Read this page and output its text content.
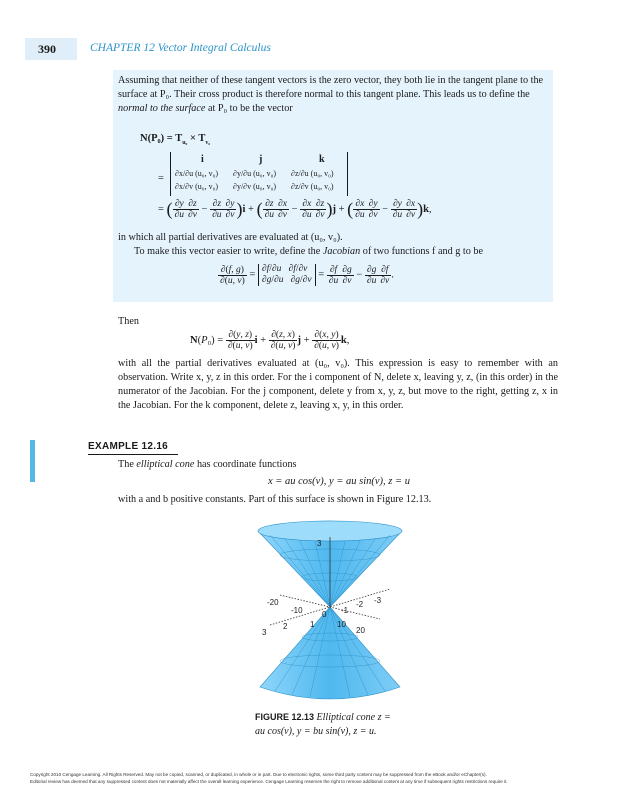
390	CHAPTER 12 Vector Integral Calculus
Assuming that neither of these tangent vectors is the zero vector, they both lie in the tangent plane to the surface at P₀. Their cross product is therefore normal to this tangent plane. This leads us to define the normal to the surface at P₀ to be the vector
$N(P_0) = T_{u_0} \times T_{v_0}$
=
i	j	k
∂x/∂u (u₀, v₀) ∂y/∂u (u₀, v₀) ∂z/∂u (u₀, v₀)
∂x/∂v (u₀, v₀) ∂y/∂v (u₀, v₀) ∂z/∂v (u₀, v₀)
= ( $\frac{\partial y}{\partial u} \frac{\partial z}{\partial v} - \frac{\partial z}{\partial u} \frac{\partial y}{\partial v} )i$ + ( $\frac{\partial z}{\partial u} \frac{\partial x}{\partial v} - \frac{\partial x}{\partial u} \frac{\partial z}{\partial v} )j$ + ( $\frac{\partial x}{\partial u} \frac{\partial y}{\partial v} - \frac{\partial y}{\partial u} \frac{\partial x}{\partial v} )k$,
in which all partial derivatives are evaluated at (u₀, v₀).
To make this vector easier to write, define the Jacobian of two functions f and g to be
$\frac{\partial(f, g)}{\partial(u, v)} = \partial f/\partial u$   ∂f/∂v
∂g/∂u   $\partial g/\partial v = \frac{\partial f}{\partial u} \frac{\partial g}{\partial v} - \frac{\partial g}{\partial u} \frac{\partial f}{\partial v}$ .
Then
$N(P_0) = \frac{\partial(y, z)}{\partial(u, v)}$ $i + \frac{\partial(z, x)}{\partial(u, v)}$ $j + \frac{\partial(x, y)}{\partial(u, v)} k$,
with all the partial derivatives evaluated at (u₀, v₀). This expression is easy to remember with an observation. Write x, y, z in this order. For the i component of N, delete x, leaving y, z, (in this order) in the numerator of the Jacobian. For the j component, delete y from x, y, z, but move to the right, getting z, x in the Jacobian. For the k component, delete z, leaving x, y, in this order.
EXAMPLE 12.16
The elliptical cone has coordinate functions
x = au cos(v), y = au sin(v), z = u
with a and b positive constants. Part of this surface is shown in Figure 12.13.
3
-20
-10 0
-2 -3
1	10
2	20
3
-1
FIGURE 12.13 Elliptical cone z =
au cos(v), y = bu sin(v), z = u.
Copyright 2010 Cengage Learning. All Rights Reserved. May not be copied, scanned, or duplicated, in whole or in part. Due to electronic rights, some third party content may be suppressed from the eBook and/or eChapter(s).
Editorial review has deemed that any suppressed content does not materially affect the overall learning experience. Cengage Learning reserves the right to remove additional content at any time if subsequent rights restrictions require it.
